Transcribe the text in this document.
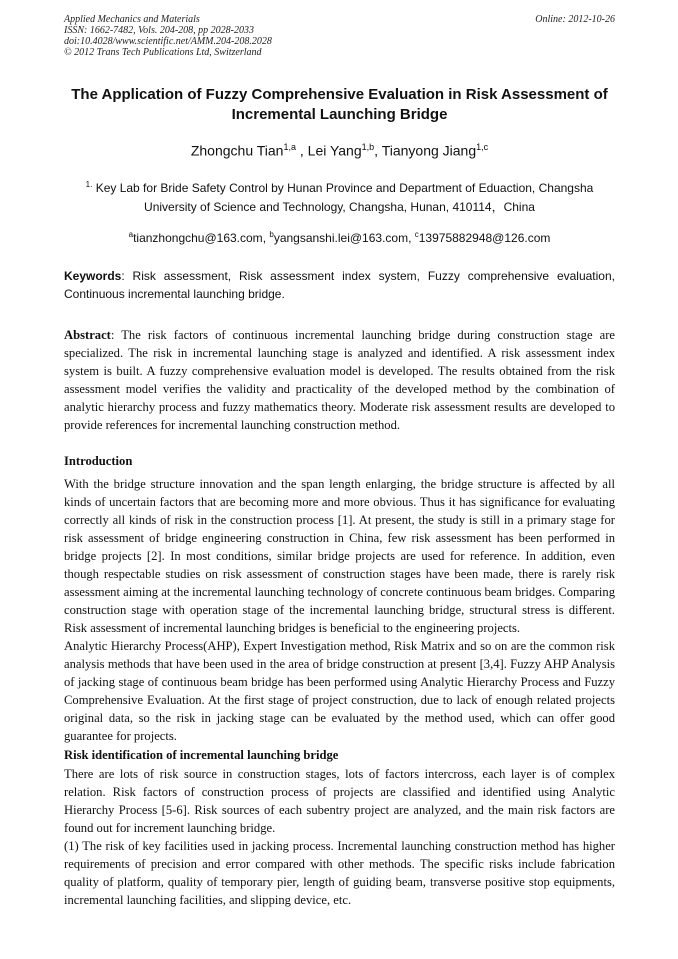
Applied Mechanics and Materials
ISSN: 1662-7482, Vols. 204-208, pp 2028-2033
doi:10.4028/www.scientific.net/AMM.204-208.2028
© 2012 Trans Tech Publications Ltd, Switzerland
Online: 2012-10-26
The Application of Fuzzy Comprehensive Evaluation in Risk Assessment of Incremental Launching Bridge
Zhongchu Tian$^{1,a}$ , Lei Yang$^{1,b}$, Tianyong Jiang$^{1,c}$
$^{1.}$ Key Lab for Bride Safety Control by Hunan Province and Department of Eduaction, Changsha
University of Science and Technology, Changsha, Hunan, 410114，China
$^a$tianzhongchu@163.com, $^b$yangsanshi.lei@163.com, $^c$13975882948@126.com
Keywords: Risk assessment, Risk assessment index system, Fuzzy comprehensive evaluation, Continuous incremental launching bridge.
Abstract: The risk factors of continuous incremental launching bridge during construction stage are specialized. The risk in incremental launching stage is analyzed and identified. A risk assessment index system is built. A fuzzy comprehensive evaluation model is developed. The results obtained from the risk assessment model verifies the validity and practicality of the developed method by the combination of analytic hierarchy process and fuzzy mathematics theory. Moderate risk assessment results are developed to provide references for incremental launching construction method.
Introduction

With the bridge structure innovation and the span length enlarging, the bridge structure is affected by all kinds of uncertain factors that are becoming more and more obvious. Thus it has significance for evaluating correctly all kinds of risk in the construction process [1]. At present, the study is still in a primary stage for risk assessment of bridge engineering construction in China, few risk assessment has been performed in bridge projects [2]. In most conditions, similar bridge projects are used for reference. In addition, even though respectable studies on risk assessment of construction stages have been made, there is rarely risk assessment aiming at the incremental launching technology of concrete continuous beam bridges. Comparing construction stage with operation stage of the incremental launching bridge, structural stress is different. Risk assessment of incremental launching bridges is beneficial to the engineering projects.

Analytic Hierarchy Process(AHP), Expert Investigation method, Risk Matrix and so on are the common risk analysis methods that have been used in the area of bridge construction at present [3,4]. Fuzzy AHP Analysis of jacking stage of continuous beam bridge has been performed using Analytic Hierarchy Process and Fuzzy Comprehensive Evaluation. At the first stage of project construction, due to lack of enough related projects original data, so the risk in jacking stage can be evaluated by the method used, which can offer good guarantee for projects.

Risk identification of incremental launching bridge

There are lots of risk source in construction stages, lots of factors intercross, each layer is of complex relation. Risk factors of construction process of projects are classified and identified using Analytic Hierarchy Process [5-6]. Risk sources of each subentry project are analyzed, and the main risk factors are found out for increment launching bridge.

(1) The risk of key facilities used in jacking process. Incremental launching construction method has higher requirements of precision and error compared with other methods. The specific risks include fabrication quality of platform, quality of temporary pier, length of guiding beam, transverse positive stop equipments, incremental launching facilities, and slipping device, etc.
